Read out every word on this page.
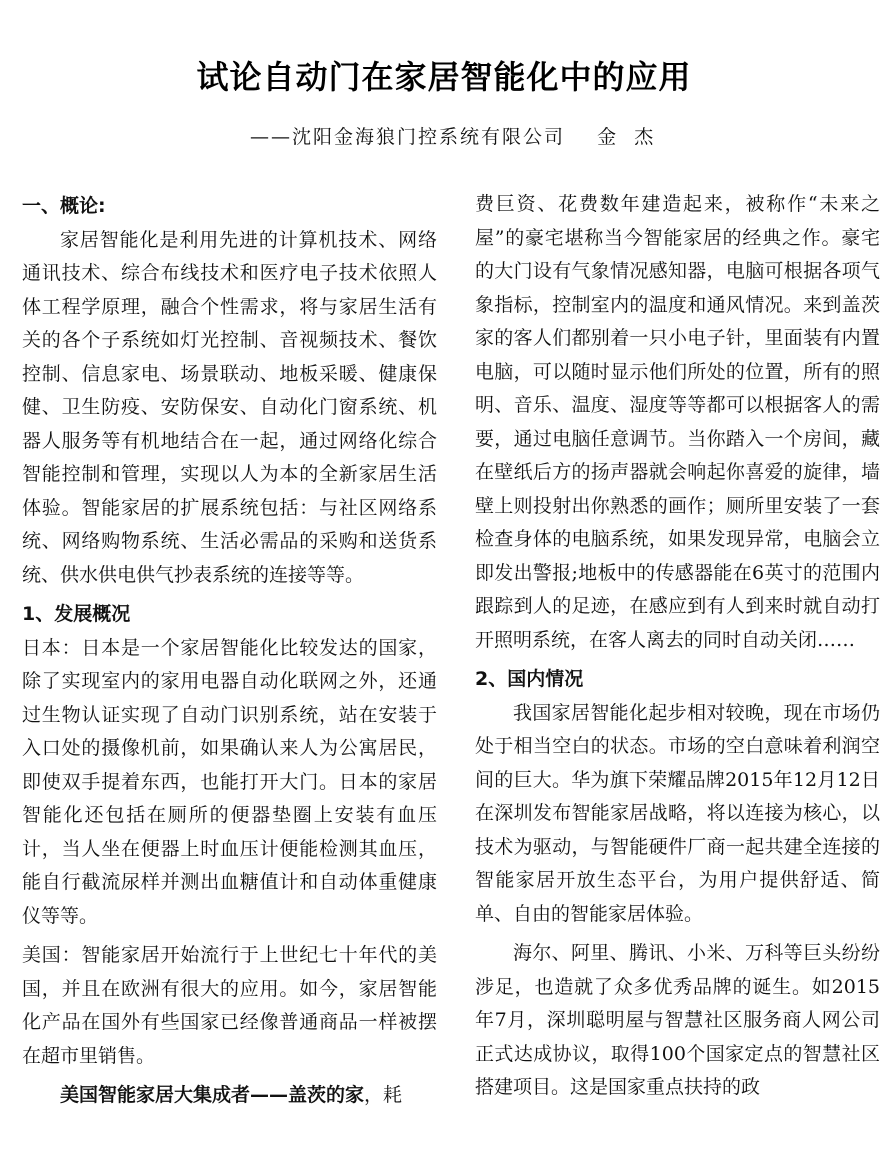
试论自动门在家居智能化中的应用
——沈阳金海狼门控系统有限公司    金  杰
一、概论:

家居智能化是利用先进的计算机技术、网络通讯技术、综合布线技术和医疗电子技术依照人体工程学原理，融合个性需求，将与家居生活有关的各个子系统如灯光控制、音视频技术、餐饮控制、信息家电、场景联动、地板采暖、健康保健、卫生防疫、安防保安、自动化门窗系统、机器人服务等有机地结合在一起，通过网络化综合智能控制和管理，实现以人为本的全新家居生活体验。智能家居的扩展系统包括：与社区网络系统、网络购物系统、生活必需品的采购和送货系统、供水供电供气抄表系统的连接等等。

1、发展概况

日本：日本是一个家居智能化比较发达的国家，除了实现室内的家用电器自动化联网之外，还通过生物认证实现了自动门识别系统，站在安装于入口处的摄像机前，如果确认来人为公寓居民，即使双手提着东西，也能打开大门。日本的家居智能化还包括在厕所的便器垫圈上安装有血压计，当人坐在便器上时血压计便能检测其血压，能自行截流尿样并测出血糖值计和自动体重健康仪等等。

美国：智能家居开始流行于上世纪七十年代的美国，并且在欧洲有很大的应用。如今，家居智能化产品在国外有些国家已经像普通商品一样被摆在超市里销售。

美国智能家居大集成者——盖茨的家，耗

费巨资、花费数年建造起来，被称作“未来之屋”的豪宅堪称当今智能家居的经典之作。豪宅的大门设有气象情况感知器，电脑可根据各项气象指标，控制室内的温度和通风情况。来到盖茨家的客人们都别着一只小电子针，里面装有内置电脑，可以随时显示他们所处的位置，所有的照明、音乐、温度、湿度等等都可以根据客人的需要，通过电脑任意调节。当你踏入一个房间，藏在壁纸后方的扬声器就会响起你喜爱的旋律，墙壁上则投射出你熟悉的画作；厕所里安装了一套检查身体的电脑系统，如果发现异常，电脑会立即发出警报;地板中的传感器能在6英寸的范围内跟踪到人的足迹，在感应到有人到来时就自动打开照明系统，在客人离去的同时自动关闭……

2、国内情况

我国家居智能化起步相对较晚，现在市场仍处于相当空白的状态。市场的空白意味着利润空间的巨大。华为旗下荣耀品牌2015年12月12日在深圳发布智能家居战略，将以连接为核心，以技术为驱动，与智能硬件厂商一起共建全连接的智能家居开放生态平台，为用户提供舒适、简单、自由的智能家居体验。

海尔、阿里、腾讯、小米、万科等巨头纷纷涉足，也造就了众多优秀品牌的诞生。如2015年7月，深圳聪明屋与智慧社区服务商人网公司正式达成协议，取得100个国家定点的智慧社区搭建项目。这是国家重点扶持的政
